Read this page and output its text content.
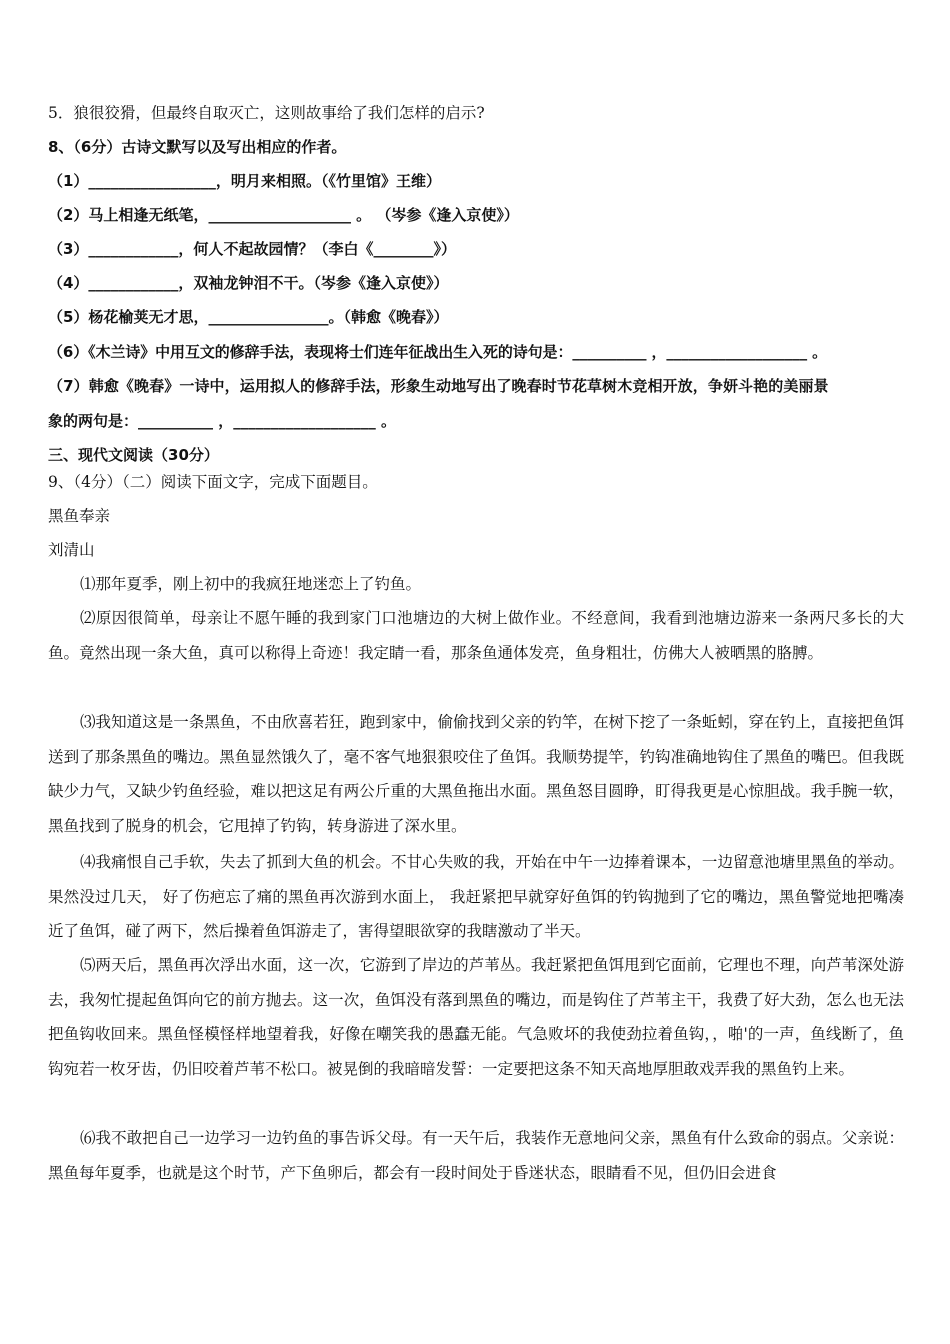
5．狼很狡猾，但最终自取灭亡，这则故事给了我们怎样的启示?
8、（6分）古诗文默写以及写出相应的作者。
（1）_________________，明月来相照。（《竹里馆》王维）
（2）马上相逢无纸笔，___________________ 。 （岑参《逢入京使》）
（3）____________，何人不起故园情？（李白《________》）
（4）____________，双袖龙钟泪不干。（岑参《逢入京使》）
（5）杨花榆荚无才思，________________。（韩愈《晚春》）
（6）《木兰诗》中用互文的修辞手法，表现将士们连年征战出生入死的诗句是：__________ ，___________________ 。
（7）韩愈《晚春》一诗中，运用拟人的修辞手法，形象生动地写出了晚春时节花草树木竞相开放，争妍斗艳的美丽景
象的两句是：__________ ，___________________ 。
三、现代文阅读（30分）
9、（4分）（二）阅读下面文字，完成下面题目。
黑鱼奉亲
刘清山

⑴那年夏季，刚上初中的我疯狂地迷恋上了钓鱼。

⑵原因很简单，母亲让不愿午睡的我到家门口池塘边的大树上做作业。不经意间，我看到池塘边游来一条两尺多长的大鱼。竟然出现一条大鱼，真可以称得上奇迹！我定睛一看，那条鱼通体发亮，鱼身粗壮，仿佛大人被晒黑的胳膊。

⑶我知道这是一条黑鱼，不由欣喜若狂，跑到家中，偷偷找到父亲的钓竿，在树下挖了一条蚯蚓，穿在钓上，直接把鱼饵送到了那条黑鱼的嘴边。黑鱼显然饿久了，毫不客气地狠狠咬住了鱼饵。我顺势提竿，钓钩准确地钩住了黑鱼的嘴巴。但我既缺少力气，又缺少钓鱼经验，难以把这足有两公斤重的大黑鱼拖出水面。黑鱼怒目圆睁，盯得我更是心惊胆战。我手腕一软，黑鱼找到了脱身的机会，它甩掉了钓钩，转身游进了深水里。

⑷我痛恨自己手软，失去了抓到大鱼的机会。不甘心失败的我，开始在中午一边捧着课本，一边留意池塘里黑鱼的举动。果然没过几天， 好了伤疤忘了痛的黑鱼再次游到水面上， 我赶紧把早就穿好鱼饵的钓钩抛到了它的嘴边，黑鱼警觉地把嘴凑近了鱼饵，碰了两下，然后操着鱼饵游走了，害得望眼欲穿的我瞎激动了半天。

⑸两天后，黑鱼再次浮出水面，这一次，它游到了岸边的芦苇丛。我赶紧把鱼饵甩到它面前，它理也不理，向芦苇深处游去，我匆忙提起鱼饵向它的前方抛去。这一次，鱼饵没有落到黑鱼的嘴边，而是钩住了芦苇主干，我费了好大劲，怎么也无法把鱼钩收回来。黑鱼怪模怪样地望着我，好像在嘲笑我的愚蠢无能。气急败坏的我使劲拉着鱼钩，，啪'的一声，鱼线断了，鱼钩宛若一枚牙齿，仍旧咬着芦苇不松口。被晃倒的我暗暗发誓：一定要把这条不知天高地厚胆敢戏弄我的黑鱼钓上来。

⑹我不敢把自己一边学习一边钓鱼的事告诉父母。有一天午后，我装作无意地问父亲，黑鱼有什么致命的弱点。父亲说：黑鱼每年夏季，也就是这个时节，产下鱼卵后，都会有一段时间处于昏迷状态，眼睛看不见，但仍旧会进食
